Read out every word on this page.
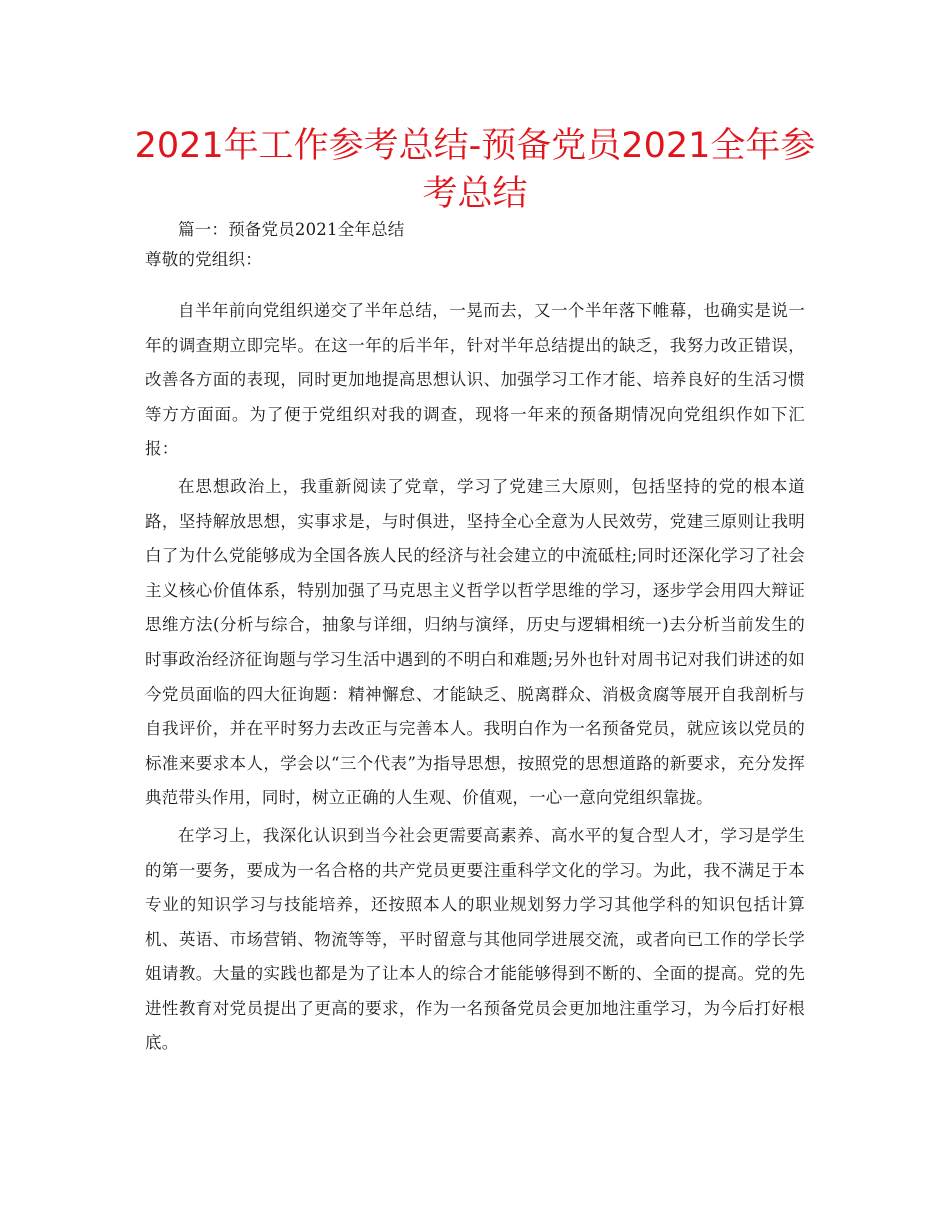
2021年工作参考总结-预备党员2021全年参考总结

篇一：预备党员2021全年总结

尊敬的党组织：

自半年前向党组织递交了半年总结，一晃而去，又一个半年落下帷幕，也确实是说一年的调查期立即完毕。在这一年的后半年，针对半年总结提出的缺乏，我努力改正错误，改善各方面的表现，同时更加地提高思想认识、加强学习工作才能、培养良好的生活习惯等方方面面。为了便于党组织对我的调查，现将一年来的预备期情况向党组织作如下汇报：

在思想政治上，我重新阅读了党章，学习了党建三大原则，包括坚持的党的根本道路，坚持解放思想，实事求是，与时俱进，坚持全心全意为人民效劳，党建三原则让我明白了为什么党能够成为全国各族人民的经济与社会建立的中流砥柱;同时还深化学习了社会主义核心价值体系，特别加强了马克思主义哲学以哲学思维的学习，逐步学会用四大辩证思维方法(分析与综合，抽象与详细，归纳与演绎，历史与逻辑相统一)去分析当前发生的时事政治经济征询题与学习生活中遇到的不明白和难题;另外也针对周书记对我们讲述的如今党员面临的四大征询题：精神懈怠、才能缺乏、脱离群众、消极贪腐等展开自我剖析与自我评价，并在平时努力去改正与完善本人。我明白作为一名预备党员，就应该以党员的标准来要求本人，学会以“三个代表”为指导思想，按照党的思想道路的新要求，充分发挥典范带头作用，同时，树立正确的人生观、价值观，一心一意向党组织靠拢。

在学习上，我深化认识到当今社会更需要高素养、高水平的复合型人才，学习是学生的第一要务，要成为一名合格的共产党员更要注重科学文化的学习。为此，我不满足于本专业的知识学习与技能培养，还按照本人的职业规划努力学习其他学科的知识包括计算机、英语、市场营销、物流等等，平时留意与其他同学进展交流，或者向已工作的学长学姐请教。大量的实践也都是为了让本人的综合才能能够得到不断的、全面的提高。党的先进性教育对党员提出了更高的要求，作为一名预备党员会更加地注重学习，为今后打好根底。
